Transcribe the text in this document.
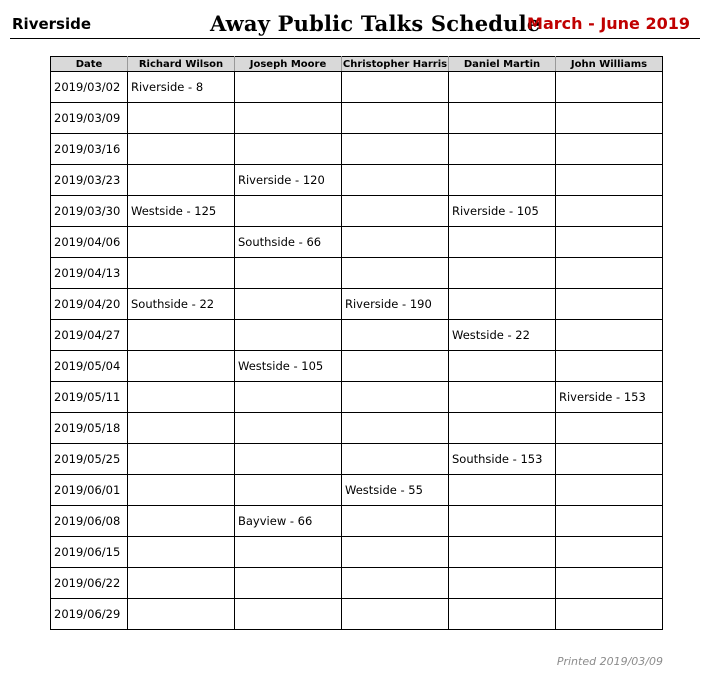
Riverside	Away Public Talks Schedule
March - June 2019
Date	Richard Wilson	Joseph Moore	Christopher Harris	Daniel Martin	John Williams
2019/03/02	Riverside - 8				
2019/03/09					
2019/03/16					
2019/03/23		Riverside - 120			
2019/03/30	Westside - 125			Riverside - 105	
2019/04/06		Southside - 66			
2019/04/13					
2019/04/20	Southside - 22		Riverside - 190		
2019/04/27				Westside - 22	
2019/05/04		Westside - 105			
2019/05/11					Riverside - 153
2019/05/18					
2019/05/25				Southside - 153	
2019/06/01			Westside - 55		
2019/06/08		Bayview - 66			
2019/06/15					
2019/06/22					
2019/06/29					
Printed 2019/03/09
